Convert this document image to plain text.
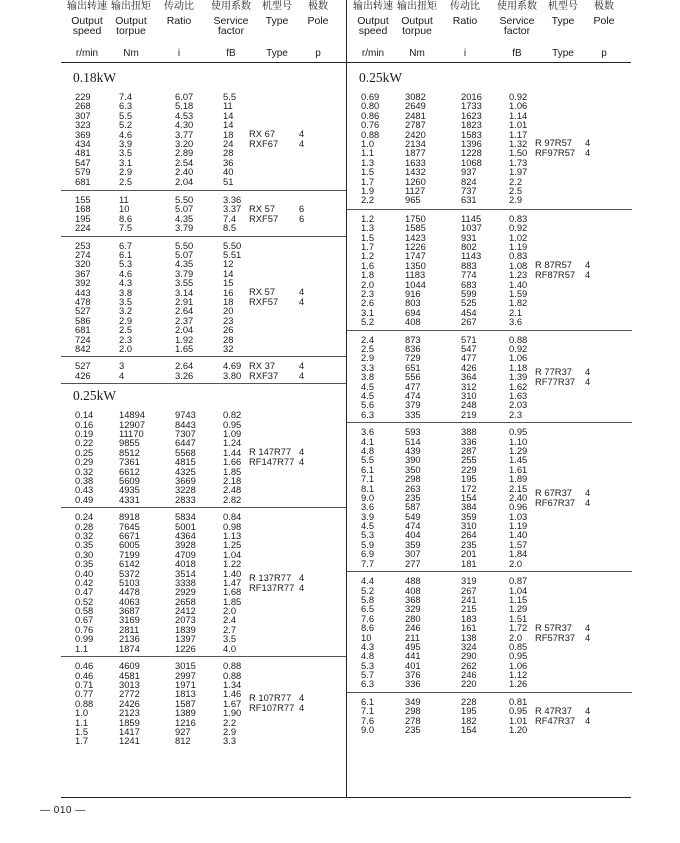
输出转速
Output
speed
输出扭矩
Output
torpue
传动比
Ratio
使用系数
Service
factor
机型号
Type
极数
Pole
r/min	Nm	i	fB	Type	p
0.18kW
229	7.4	6.07	5.5
268	6.3	5.18	11
307	5.5	4.53	14
323	5.2	4.30	14
369	4.6	3.77	18
434	3.9	3.20	24
481	3.5	2.89	28
547	3.1	2.54	36
579	2.9	2.40	40
681	2.5	2.04	51
RX 67	4
RXF67 4
155	11	5.50	3.36
168	10	5.07	3.37
195	8.6	4.35	7.4
224	7.5	3.79	8.5
RX 57	6
RXF57 6
253	6.7	5.50	5.50
274	6.1	5.07	5.51
320	5.3	4.35	12
367	4.6	3.79	14
392	4.3	3.55	15
443	3.8	3.14	16
478	3.5	2.91	18
527	3.2	2.64	20
586	2.9	2.37	23
681	2.5	2.04	26
724	2.3	1.92	28
842	2.0	1.65	32
RX 57	4
RXF57 4
527	3	2.64	4.69
426	4	3.26	3.80
RX 37	4
RXF37 4
0.25kW
0.14	14894	9743	0.82
0.16	12907	8443	0.95
0.19	11170	7307	1.09
0.22	9855	6447	1.24
0.25	8512	5568	1.44
0.29	7361	4815	1.66
0.32	6612	4325	1.85
0.38	5609	3669	2.18
0.43	4935	3228	2.48
0.49	4331	2833	2.82
R 147R77 4
RF147R77 4
0.24	8918	5834	0.84
0.28	7645	5001	0.98
0.32	6671	4364	1.13
0.35	6005	3928	1.25
0.30	7199	4709	1.04
0.35	6142	4018	1.22
0.40	5372	3514	1.40
0.42	5103	3338	1.47
0.47	4478	2929	1.68
0.52	4063	2658	1.85
0.58	3687	2412	2.0
0.67	3169	2073	2.4
0.76	2811	1839	2.7
0.99	2136	1397	3.5
1.1	1874	1226	4.0
R 137R77 4
RF137R77 4
0.46	4609	3015	0.88
0.46	4581	2997	0.88
0.71	3013	1971	1.34
0.77	2772	1813	1.46
0.88	2426	1587	1.67
1.0	2123	1389	1.90
1.1	1859	1216	2.2
1.5	1417	927	2.9
1.7	1241	812	3.3
R 107R77 4
RF107R77 4
输出转速
Output
speed
输出扭矩
Output
torpue
传动比
Ratio
使用系数
Service
factor
机型号
Type
极数
Pole
r/min	Nm	i	fB	Type	p
0.25kW
0.69	3082	2016	0.92
0.80	2649	1733	1.06
0.86	2481	1623	1.14
0.76	2787	1823	1.01
0.88	2420	1583	1.17
1.0	2134	1396	1.32
1.1	1877	1228	1.50
1.3	1633	1068	1.73
1.5	1432	937	1.97
1.7	1260	824	2.2
1.9	1127	737	2.5
2.2	965	631	2.9
R 97R57 4
RF97R57 4
1.2	1750	1145	0.83
1.3	1585	1037	0.92
1.5	1423	931	1.02
1.7	1226	802	1.19
1.2	1747	1143	0.83
1.6	1350	883	1.08
1.8	1183	774	1.23
2.0	1044	683	1.40
2.3	916	599	1.59
2.6	803	525	1.82
3.1	694	454	2.1
5.2	408	267	3.6
R 87R57 4
RF87R57 4
2.4	873	571	0.88
2.5	836	547	0.92
2.9	729	477	1.06
3.3	651	426	1.18
3.8	556	364	1.39
4.5	477	312	1.62
4.5	474	310	1.63
5.6	379	248	2.03
6.3	335	219	2.3
R 77R37 4
RF77R37 4
3.6	593	388	0.95
4.1	514	336	1.10
4.8	439	287	1.29
5.5	390	255	1.45
6.1	350	229	1.61
7.1	298	195	1.89
8.1	263	172	2.15
9.0	235	154	2.40
3.6	587	384	0.96
3.9	549	359	1.03
4.5	474	310	1.19
5.3	404	264	1.40
5.9	359	235	1.57
6.9	307	201	1.84
7.7	277	181	2.0
R 67R37 4
RF67R37 4
4.4	488	319	0.87
5.2	408	267	1.04
5.8	368	241	1.15
6.5	329	215	1.29
7.6	280	183	1.51
8.6	246	161	1.72
10	211	138	2.0
4.3	495	324	0.85
4.8	441	290	0.95
5.3	401	262	1.06
5.7	376	246	1.12
6.3	336	220	1.26
R 57R37 4
RF57R37 4
6.1	349	228	0.81
7.1	298	195	0.95
7.6	278	182	1.01
9.0	235	154	1.20
R 47R37 4
RF47R37 4
— 010 —
